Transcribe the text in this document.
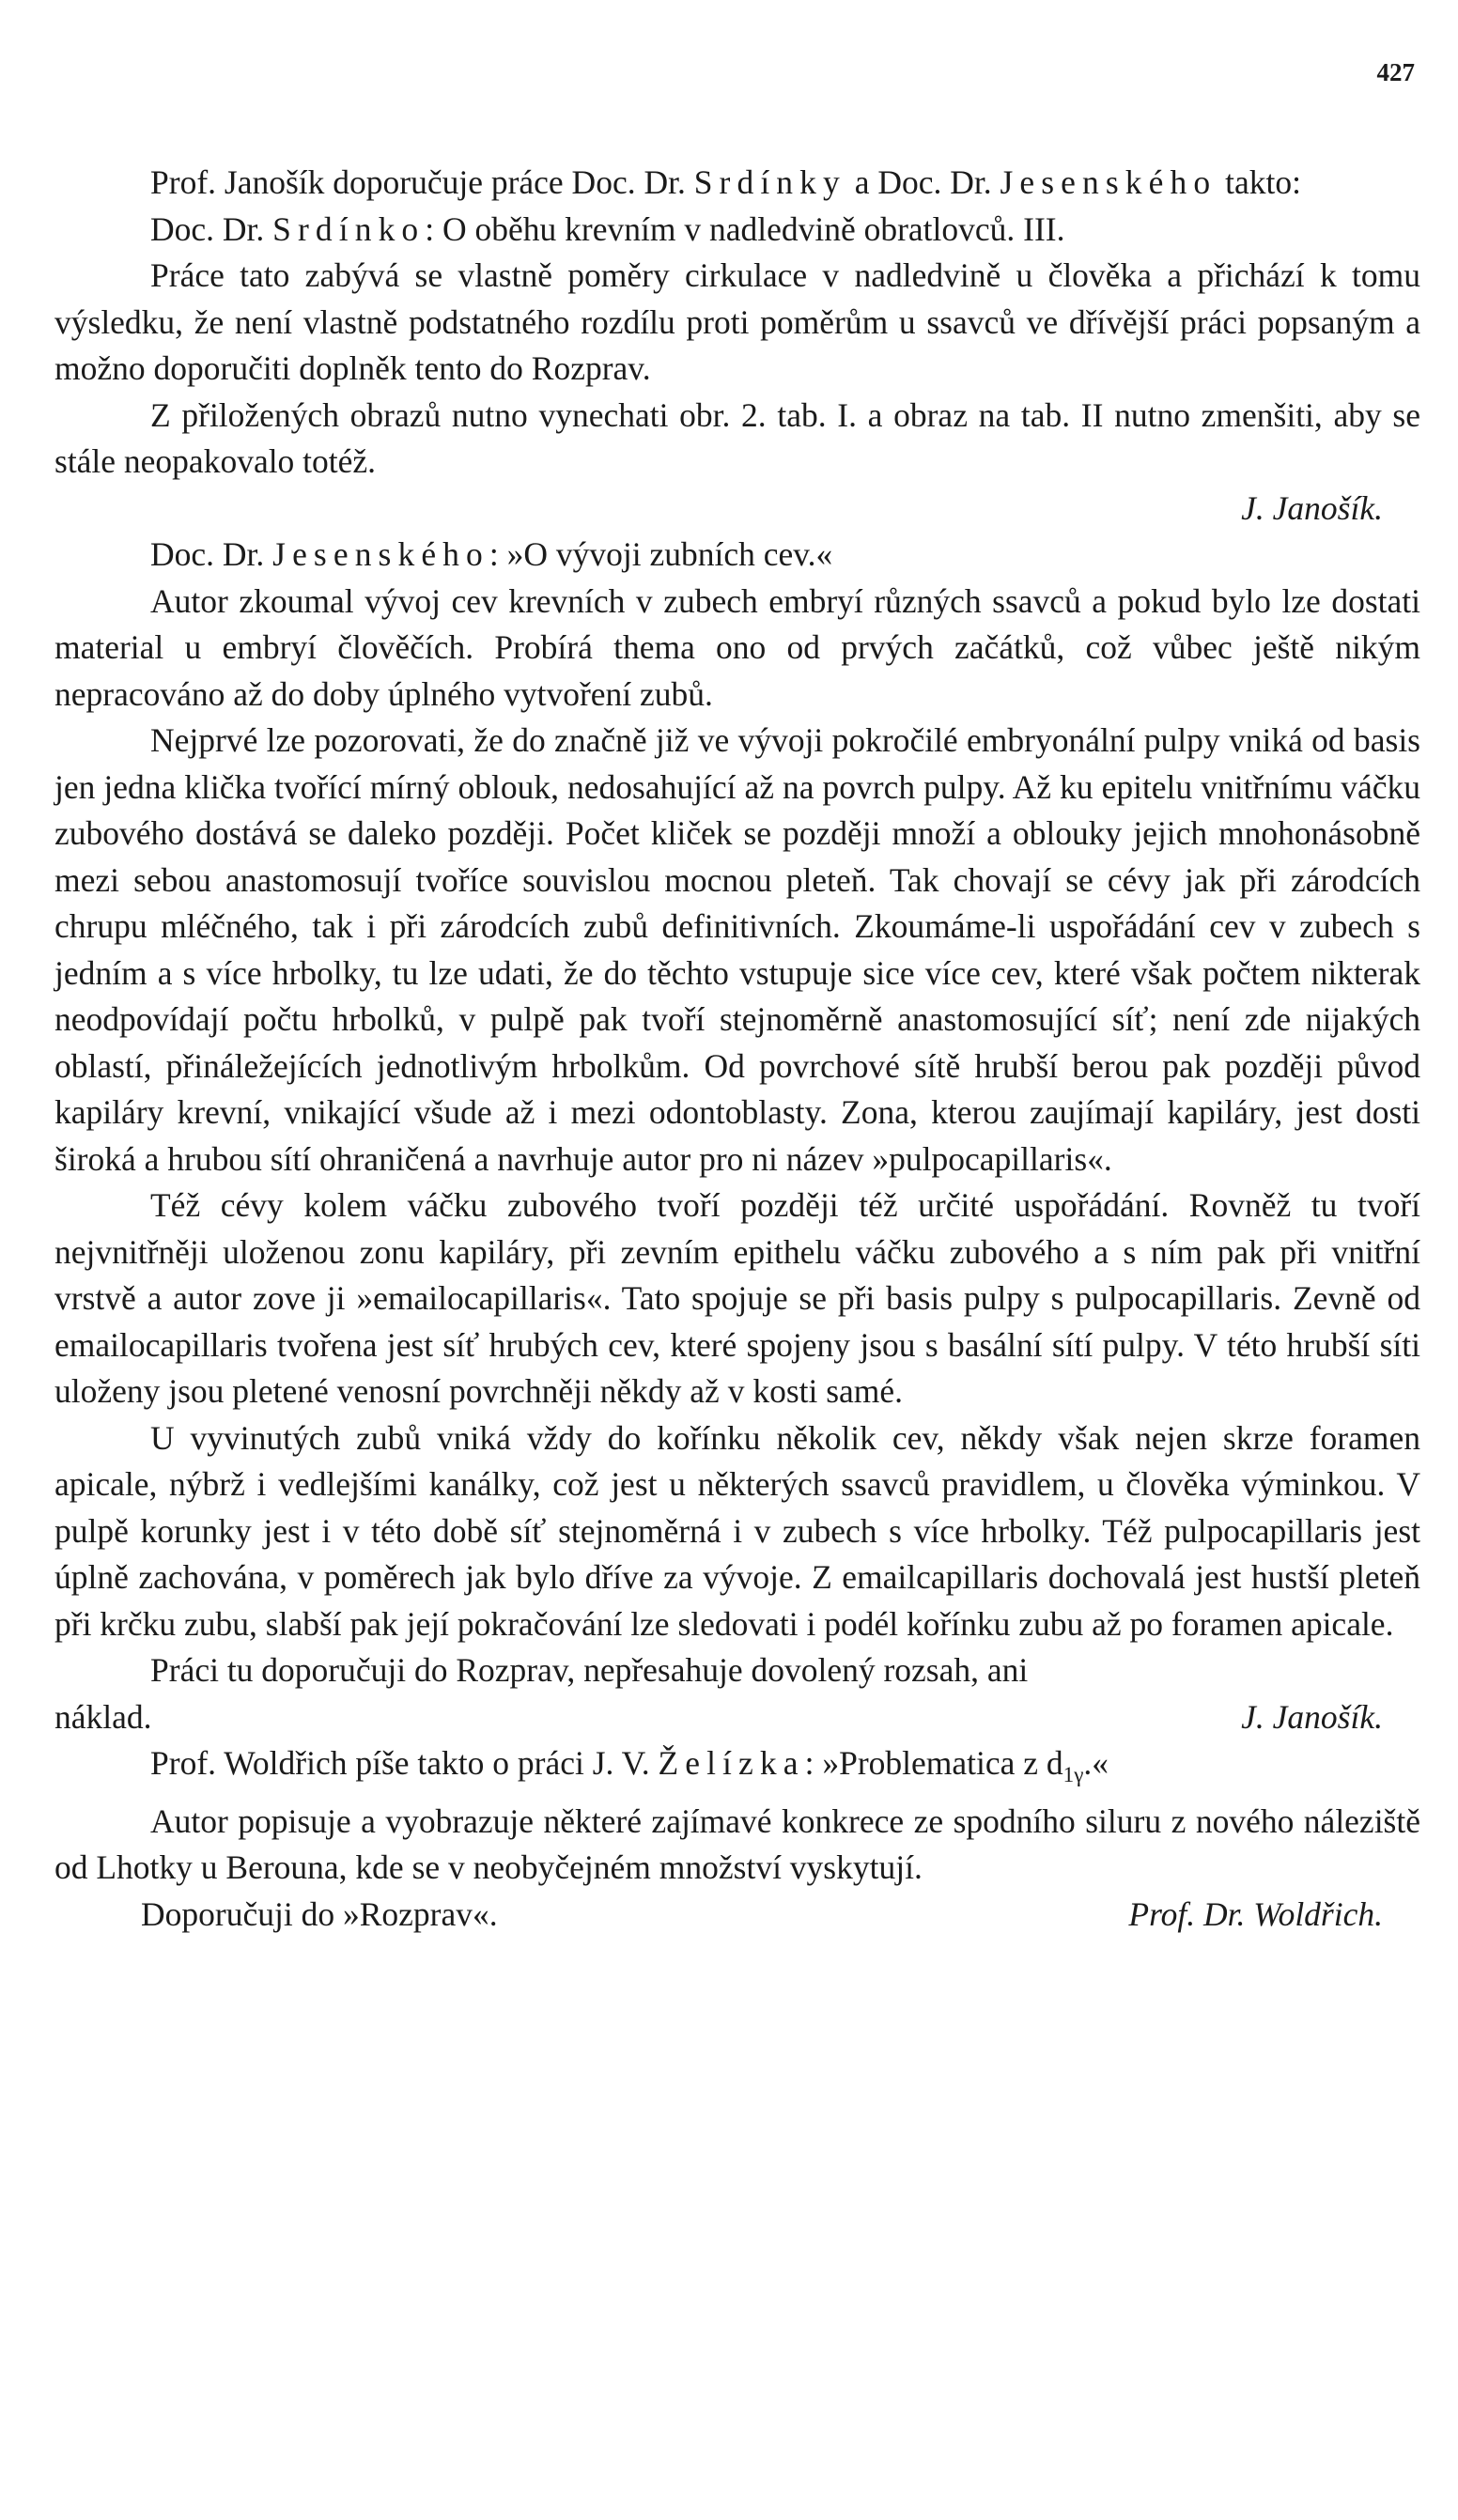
427

Prof. Janošík doporučuje práce Doc. Dr. Srdínky a Doc. Dr. Jesenského takto:

Doc. Dr. Srdínko: O oběhu krevním v nadledvině obratlovců. III.

Práce tato zabývá se vlastně poměry cirkulace v nadledvině u člověka a přichází k tomu výsledku, že není vlastně podstatného rozdílu proti poměrům u ssavců ve dřívější práci popsaným a možno doporučiti doplněk tento do Rozprav.

Z přiložených obrazů nutno vynechati obr. 2. tab. I. a obraz na tab. II nutno zmenšiti, aby se stále neopakovalo totéž.

J. Janošík.

Doc. Dr. Jesenského: »O vývoji zubních cev.«

Autor zkoumal vývoj cev krevních v zubech embryí různých ssavců a pokud bylo lze dostati material u embryí člověčích. Probírá thema ono od prvých začátků, což vůbec ještě nikým nepracováno až do doby úplného vytvoření zubů.

Nejprvé lze pozorovati, že do značně již ve vývoji pokročilé embryonální pulpy vniká od basis jen jedna klička tvořící mírný oblouk, nedosahující až na povrch pulpy. Až ku epitelu vnitřnímu váčku zubového dostává se daleko později. Počet kliček se později množí a oblouky jejich mnohonásobně mezi sebou anastomosují tvoříce souvislou mocnou pleteň. Tak chovají se cévy jak při zárodcích chrupu mléčného, tak i při zárodcích zubů definitivních. Zkoumáme-li uspořádání cev v zubech s jedním a s více hrbolky, tu lze udati, že do těchto vstupuje sice více cev, které však počtem nikterak neodpovídají počtu hrbolků, v pulpě pak tvoří stejnoměrně anastomosující síť; není zde nijakých oblastí, přináležejících jednotlivým hrbolkům. Od povrchové sítě hrubší berou pak později původ kapiláry krevní, vnikající všude až i mezi odontoblasty. Zona, kterou zaujímají kapiláry, jest dosti široká a hrubou sítí ohraničená a navrhuje autor pro ni název »pulpocapillaris«.

Též cévy kolem váčku zubového tvoří později též určité uspořádání. Rovněž tu tvoří nejvnitřněji uloženou zonu kapiláry, při zevním epithelu váčku zubového a s ním pak při vnitřní vrstvě a autor zove ji »emailocapillaris«. Tato spojuje se při basis pulpy s pulpocapillaris. Zevně od emailocapillaris tvořena jest síť hrubých cev, které spojeny jsou s basální sítí pulpy. V této hrubší síti uloženy jsou pletené venosní povrchněji někdy až v kosti samé.

U vyvinutých zubů vniká vždy do kořínku několik cev, někdy však nejen skrze foramen apicale, nýbrž i vedlejšími kanálky, což jest u některých ssavců pravidlem, u člověka výminkou. V pulpě korunky jest i v této době síť stejnoměrná i v zubech s více hrbolky. Též pulpocapillaris jest úplně zachována, v poměrech jak bylo dříve za vývoje. Z emailcapillaris dochovalá jest hustší pleteň při krčku zubu, slabší pak její pokračování lze sledovati i podél kořínku zubu až po foramen apicale.

Práci tu doporučuji do Rozprav, nepřesahuje dovolený rozsah, ani

náklad.	J. Janošík.

Prof. Woldřich píše takto o práci J. V. Želízka: »Problematica z $d_{1\gamma}.«$

Autor popisuje a vyobrazuje některé zajímavé konkrece ze spodního siluru z nového náleziště od Lhotky u Berouna, kde se v neobyčejném množství vyskytují.

Doporučuji do »Rozprav«.	Prof. Dr. Woldřich.
